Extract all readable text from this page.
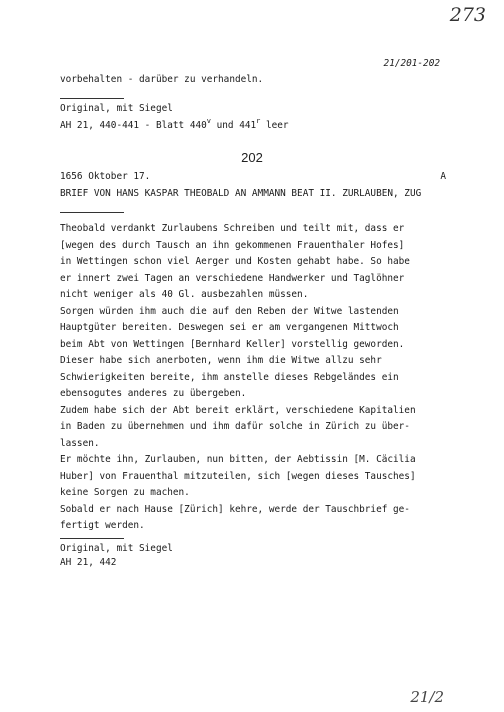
273
21/201-202
vorbehalten - darüber zu verhandeln.
Original, mit Siegel
AH 21, 440-441 - Blatt 440$^v$ und 441$^r$ leer
202
1656 Oktober 17.	A
BRIEF VON HANS KASPAR THEOBALD AN AMMANN BEAT II. ZURLAUBEN, ZUG
Theobald verdankt Zurlaubens Schreiben und teilt mit, dass er
[wegen des durch Tausch an ihn gekommenen Frauenthaler Hofes]
in Wettingen schon viel Aerger und Kosten gehabt habe. So habe
er innert zwei Tagen an verschiedene Handwerker und Taglöhner
nicht weniger als 40 Gl. ausbezahlen müssen.
Sorgen würden ihm auch die auf den Reben der Witwe lastenden
Hauptgüter bereiten. Deswegen sei er am vergangenen Mittwoch
beim Abt von Wettingen [Bernhard Keller] vorstellig geworden.
Dieser habe sich anerboten, wenn ihm die Witwe allzu sehr
Schwierigkeiten bereite, ihm anstelle dieses Rebgeländes ein
ebensogutes anderes zu übergeben.
Zudem habe sich der Abt bereit erklärt, verschiedene Kapitalien
in Baden zu übernehmen und ihm dafür solche in Zürich zu über-
lassen.
Er möchte ihn, Zurlauben, nun bitten, der Aebtissin [M. Cäcilia
Huber] von Frauenthal mitzuteilen, sich [wegen dieses Tausches]
keine Sorgen zu machen.
Sobald er nach Hause [Zürich] kehre, werde der Tauschbrief ge-
fertigt werden.
Original, mit Siegel
AH 21, 442
21/2
